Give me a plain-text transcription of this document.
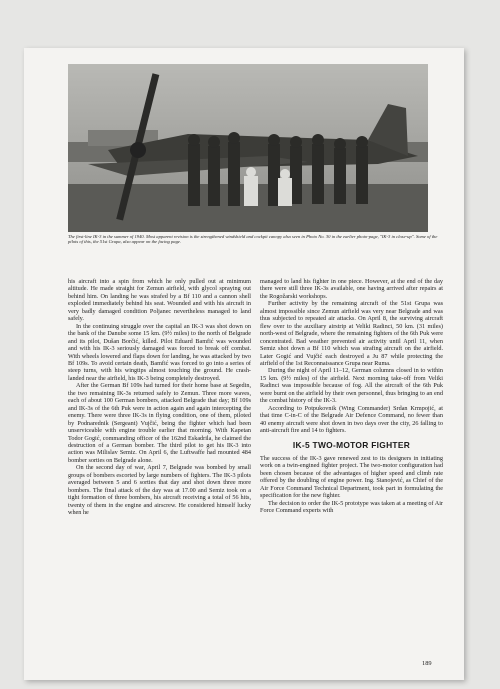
The first-line IK-3 in the summer of 1940. Most apparent revision is the strengthened windshield and cockpit canopy also seen in Photo No. 30 in the earlier photo-page, "IK-3 in close-up". Some of the pilots of this, the 51st Grupa, also appear on the facing page.

his aircraft into a spin from which he only pulled out at minimum altitude. He made straight for Zemun airfield, with glycol spraying out behind him. On landing he was strafed by a Bf 110 and a cannon shell exploded immediately behind his seat. Wounded and with his aircraft in very badly damaged condition Poljanec nevertheless managed to land safely.

In the continuing struggle over the capital an IK-3 was shot down on the bank of the Danube some 15 km. (9½ miles) to the north of Belgrade and its pilot, Dušan Borčić, killed. Pilot Eduard Bamfić was wounded and with his IK-3 seriously damaged was forced to break off combat. With wheels lowered and flaps down for landing, he was attacked by two Bf 109s. To avoid certain death, Bamfić was forced to go into a series of steep turns, with his wingtips almost touching the ground. He crash-landed near the airfield, his IK-3 being completely destroyed.

After the German Bf 109s had turned for their home base at Segedin, the two remaining IK-3s returned safely to Zemun. Three more waves, each of about 100 German bombers, attacked Belgrade that day; Bf 109s and IK-3s of the 6th Puk were in action again and again intercepting the enemy. There were three IK-3s in flying condition, one of them, piloted by Podnarednik (Sergeant) Vujčić, being the fighter which had been unserviceable with engine trouble earlier that morning. With Kapetan Todor Gogić, commanding officer of the 162nd Eskadrila, he claimed the destruction of a German bomber. The third pilot to get his IK-3 into action was Milislav Semiz. On April 6, the Luftwaffe had mounted 484 bomber sorties on Belgrade alone.

On the second day of war, April 7, Belgrade was bombed by small groups of bombers escorted by large numbers of fighters. The IK-3 pilots averaged between 5 and 6 sorties that day and shot down three more bombers. The final attack of the day was at 17.00 and Semiz took on a tight formation of three bombers, his aircraft receiving a total of 56 hits, twenty of them in the engine and airscrew. He considered himself lucky when he

managed to land his fighter in one piece. However, at the end of the day there were still three IK-3s available, one having arrived after repairs at the Rogožarski workshops.

Further activity by the remaining aircraft of the 51st Grupa was almost impossible since Zemun airfield was very near Belgrade and was thus subjected to repeated air attacks. On April 8, the surviving aircraft flew over to the auxiliary airstrip at Veliki Radinci, 50 km. (31 miles) north-west of Belgrade, where the remaining fighters of the 6th Puk were concentrated. Bad weather prevented air activity until April 11, when Semiz shot down a Bf 110 which was strafing aircraft on the airfield. Later Gogić and Vujčić each destroyed a Ju 87 while protecting the airfield of the 1st Reconnaissance Grupa near Ruma.

During the night of April 11–12, German columns closed in to within 15 km. (9½ miles) of the airfield. Next morning take-off from Veliki Radinci was impossible because of fog. All the aircraft of the 6th Puk were burnt on the airfield by their own personnel, thus bringing to an end the combat history of the IK-3.

According to Potpukovnik (Wing Commander) Srdan Krmpojić, at that time C-in-C of the Belgrade Air Defence Command, no fewer than 40 enemy aircraft were shot down in two days over the city, 26 falling to anti-aircraft fire and 14 to fighters.

IK-5 TWO-MOTOR FIGHTER

The success of the IK-3 gave renewed zest to its designers in initiating work on a twin-engined fighter project. The two-motor configuration had been chosen because of the advantages of higher speed and climb rate offered by the doubling of engine power. Ing. Stanojević, as Chief of the Air Force Command Technical Department, took part in formulating the specification for the new fighter.

The decision to order the IK-5 prototype was taken at a meeting of Air Force Command experts with

189
